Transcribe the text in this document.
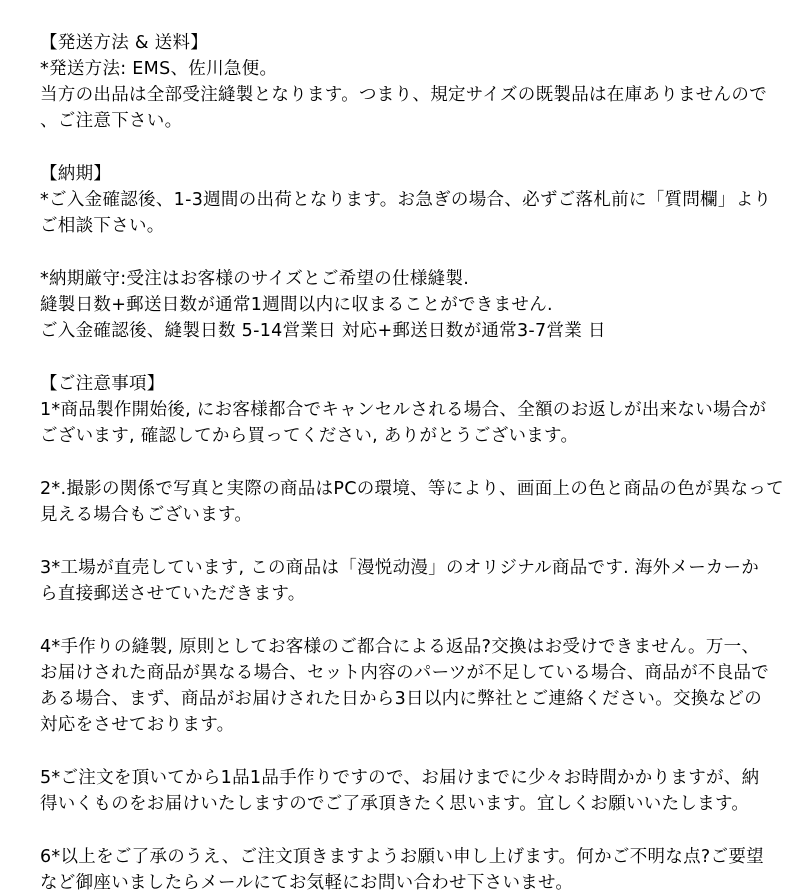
【発送方法 & 送料】
*発送方法: EMS、佐川急便。
当方の出品は全部受注縫製となります。つまり、規定サイズの既製品は在庫ありませんので
、ご注意下さい。
【納期】
*ご入金確認後、1-3週間の出荷となります。お急ぎの場合、必ずご落札前に「質問欄」より
ご相談下さい。
*納期厳守:受注はお客様のサイズとご希望の仕様縫製.
縫製日数+郵送日数が通常1週間以内に収まることができません.
ご入金確認後、縫製日数 5-14営業日 対応+郵送日数が通常3-7営業 日
【ご注意事項】
1*商品製作開始後, にお客様都合でキャンセルされる場合、全額のお返しが出来ない場合が
ございます, 確認してから買ってください, ありがとうございます。
2*.撮影の関係で写真と実際の商品はPCの環境、等により、画面上の色と商品の色が異なって
見える場合もございます。
3*工場が直売しています, この商品は「漫悦动漫」のオリジナル商品です. 海外メーカーか
ら直接郵送させていただきます。
4*手作りの縫製, 原則としてお客様のご都合による返品?交換はお受けできません。万一、
お届けされた商品が異なる場合、セット内容のパーツが不足している場合、商品が不良品で
ある場合、まず、商品がお届けされた日から3日以内に弊社とご連絡ください。交換などの
対応をさせております。
5*ご注文を頂いてから1品1品手作りですので、お届けまでに少々お時間かかりますが、納
得いくものをお届けいたしますのでご了承頂きたく思います。宜しくお願いいたします。
6*以上をご了承のうえ、ご注文頂きますようお願い申し上げます。何かご不明な点?ご要望
など御座いましたらメールにてお気軽にお問い合わせ下さいませ。
